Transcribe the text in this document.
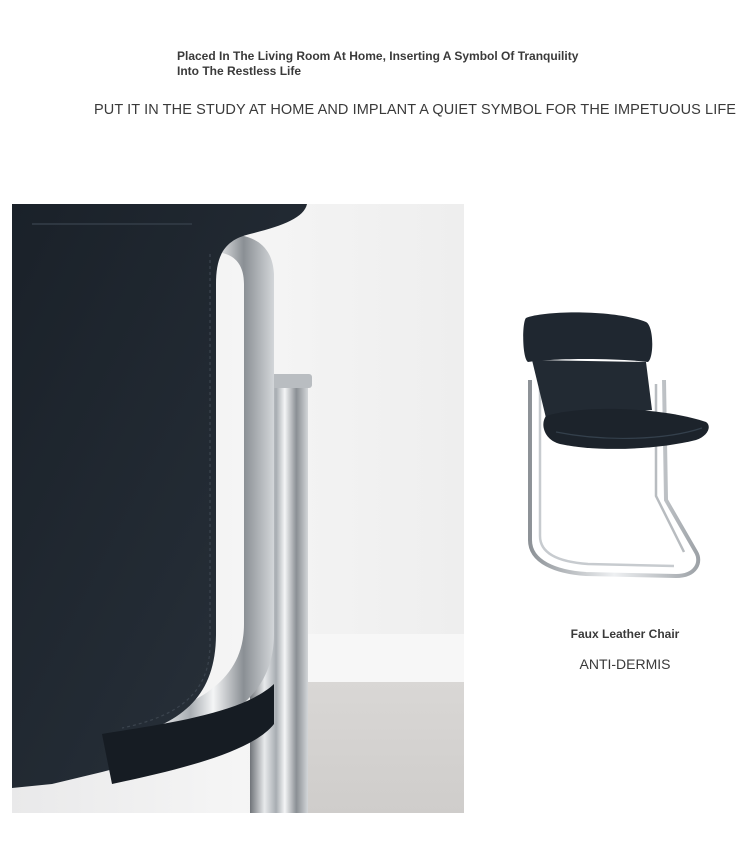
Placed In The Living Room At Home, Inserting A Symbol Of Tranquility Into The Restless Life
PUT IT IN THE STUDY AT HOME AND IMPLANT A QUIET SYMBOL FOR THE IMPETUOUS LIFE
Faux Leather Chair
ANTI-DERMIS
